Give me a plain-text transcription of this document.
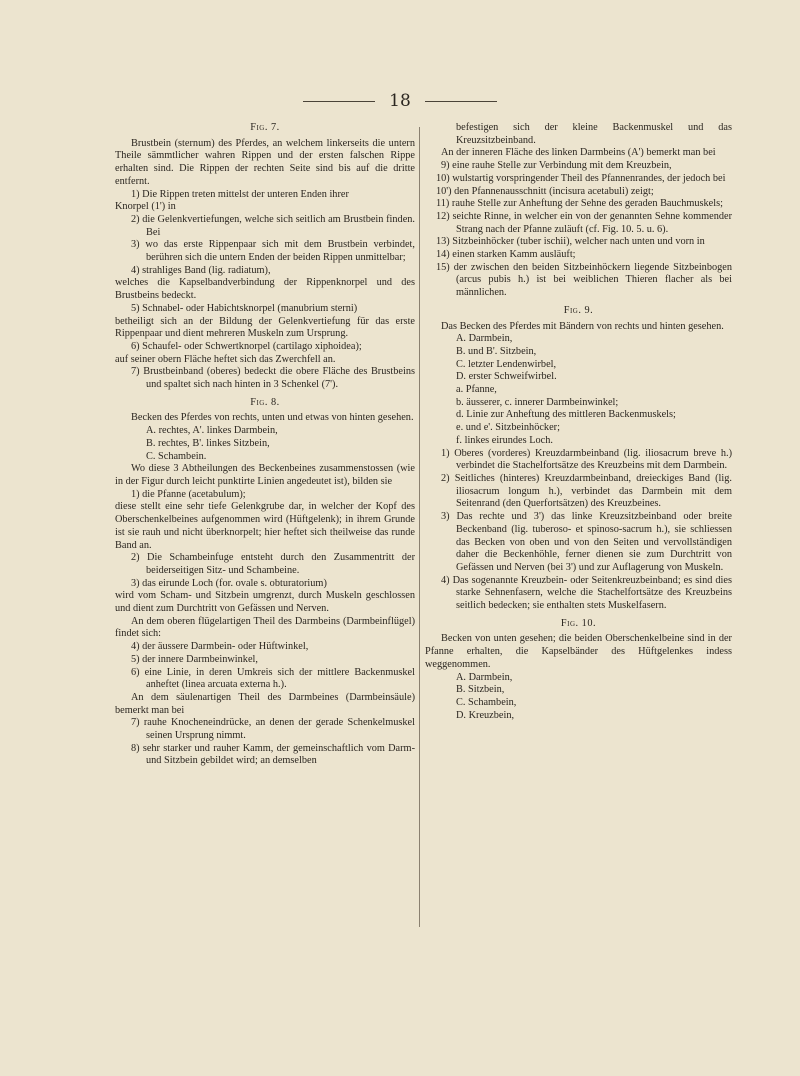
18

Fig. 7.

Brustbein (sternum) des Pferdes, an welchem linkerseits die untern Theile sämmtlicher wahren Rippen und der ersten falschen Rippe erhalten sind. Die Rippen der rechten Seite sind bis auf die dritte entfernt.

1) Die Rippen treten mittelst der unteren Enden ihrer

Knorpel (1') in

2) die Gelenkvertiefungen, welche sich seitlich am Brustbein finden. Bei

3) wo das erste Rippenpaar sich mit dem Brustbein verbindet, berühren sich die untern Enden der beiden Rippen unmittelbar;

4) strahliges Band (lig. radiatum),

welches die Kapselbandverbindung der Rippenknorpel und des Brustbeins bedeckt.

5) Schnabel- oder Habichtsknorpel (manubrium sterni)

betheiligt sich an der Bildung der Gelenkvertiefung für das erste Rippenpaar und dient mehreren Muskeln zum Ursprung.

6) Schaufel- oder Schwertknorpel (cartilago xiphoidea);

auf seiner obern Fläche heftet sich das Zwerchfell an.

7) Brustbeinband (oberes) bedeckt die obere Fläche des Brustbeins und spaltet sich nach hinten in 3 Schenkel (7').

Fig. 8.

Becken des Pferdes von rechts, unten und etwas von hinten gesehen.

A. rechtes, A'. linkes Darmbein,

B. rechtes, B'. linkes Sitzbein,

C. Schambein.

Wo diese 3 Abtheilungen des Beckenbeines zusammenstossen (wie in der Figur durch leicht punktirte Linien angedeutet ist), bilden sie

1) die Pfanne (acetabulum);

diese stellt eine sehr tiefe Gelenkgrube dar, in welcher der Kopf des Oberschenkelbeines aufgenommen wird (Hüftgelenk); in ihrem Grunde ist sie rauh und nicht überknorpelt; hier heftet sich theilweise das runde Band an.

2) Die Schambeinfuge entsteht durch den Zusammentritt der beiderseitigen Sitz- und Schambeine.

3) das eirunde Loch (for. ovale s. obturatorium)

wird vom Scham- und Sitzbein umgrenzt, durch Muskeln geschlossen und dient zum Durchtritt von Gefässen und Nerven.

An dem oberen flügelartigen Theil des Darmbeins (Darmbeinflügel) findet sich:

4) der äussere Darmbein- oder Hüftwinkel,

5) der innere Darmbeinwinkel,

6) eine Linie, in deren Umkreis sich der mittlere Backenmuskel anheftet (linea arcuata externa h.).

An dem säulenartigen Theil des Darmbeines (Darmbeinsäule) bemerkt man bei

7) rauhe Knocheneindrücke, an denen der gerade Schenkelmuskel seinen Ursprung nimmt.

8) sehr starker und rauher Kamm, der gemeinschaftlich vom Darm- und Sitzbein gebildet wird; an demselben

befestigen sich der kleine Backenmuskel und das Kreuzsitzbeinband.

An der inneren Fläche des linken Darmbeins (A') bemerkt man bei

9) eine rauhe Stelle zur Verbindung mit dem Kreuzbein,

10) wulstartig vorspringender Theil des Pfannenrandes, der jedoch bei

10') den Pfannenausschnitt (incisura acetabuli) zeigt;

11) rauhe Stelle zur Anheftung der Sehne des geraden Bauchmuskels;

12) seichte Rinne, in welcher ein von der genannten Sehne kommender Strang nach der Pfanne zuläuft (cf. Fig. 10. 5. u. 6).

13) Sitzbeinhöcker (tuber ischii), welcher nach unten und vorn in

14) einen starken Kamm ausläuft;

15) der zwischen den beiden Sitzbeinhöckern liegende Sitzbeinbogen (arcus pubis h.) ist bei weiblichen Thieren flacher als bei männlichen.

Fig. 9.

Das Becken des Pferdes mit Bändern von rechts und hinten gesehen.

A. Darmbein,

B. und B'. Sitzbein,

C. letzter Lendenwirbel,

D. erster Schweifwirbel.

a. Pfanne,

b. äusserer, c. innerer Darmbeinwinkel;

d. Linie zur Anheftung des mittleren Backenmuskels;

e. und e'. Sitzbeinhöcker;

f. linkes eirundes Loch.

1) Oberes (vorderes) Kreuzdarmbeinband (lig. iliosacrum breve h.) verbindet die Stachelfortsätze des Kreuzbeins mit dem Darmbein.

2) Seitliches (hinteres) Kreuzdarmbeinband, dreieckiges Band (lig. iliosacrum longum h.), verbindet das Darmbein mit dem Seitenrand (den Querfortsätzen) des Kreuzbeines.

3) Das rechte und 3') das linke Kreuzsitzbeinband oder breite Beckenband (lig. tuberoso- et spinoso-sacrum h.), sie schliessen das Becken von oben und von den Seiten und vervollständigen daher die Beckenhöhle, ferner dienen sie zum Durchtritt von Gefässen und Nerven (bei 3') und zur Auflagerung von Muskeln.

4) Das sogenannte Kreuzbein- oder Seitenkreuzbeinband; es sind dies starke Sehnenfasern, welche die Stachelfortsätze des Kreuzbeins seitlich bedecken; sie enthalten stets Muskelfasern.

Fig. 10.

Becken von unten gesehen; die beiden Oberschenkelbeine sind in der Pfanne erhalten, die Kapselbänder des Hüftgelenkes indess weggenommen.

A. Darmbein,

B. Sitzbein,

C. Schambein,

D. Kreuzbein,
